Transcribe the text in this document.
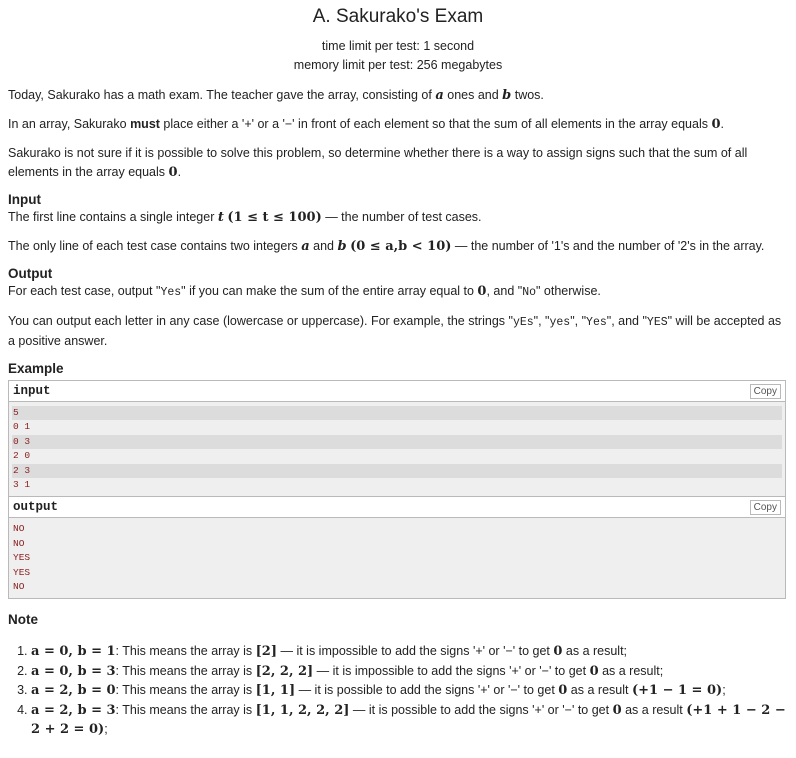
A. Sakurako's Exam
time limit per test: 1 second
memory limit per test: 256 megabytes

Today, Sakurako has a math exam. The teacher gave the array, consisting of a ones and b twos.

In an array, Sakurako must place either a '+' or a '−' in front of each element so that the sum of all elements in the array equals 0.

Sakurako is not sure if it is possible to solve this problem, so determine whether there is a way to assign signs such that the sum of all elements in the array equals 0.

Input

The first line contains a single integer t (1 ≤ t ≤ 100) — the number of test cases.

The only line of each test case contains two integers a and b (0 ≤ a,b < 10) — the number of '1's and the number of '2's in the array.

Output

For each test case, output "Yes" if you can make the sum of the entire array equal to 0, and "No" otherwise.

You can output each letter in any case (lowercase or uppercase). For example, the strings "yEs", "yes", "Yes", and "YES" will be accepted as a positive answer.

Example
input	Copy
5
0 1
0 3
2 0
2 3
3 1
output	Copy
NO
NO
YES
YES
NO
Note
1. a = 0, b = 1: This means the array is [2] — it is impossible to add the signs '+' or '−' to get 0 as a result;
2. a = 0, b = 3: This means the array is [2, 2, 2] — it is impossible to add the signs '+' or '−' to get 0 as a result;
3. a = 2, b = 0: This means the array is [1, 1] — it is possible to add the signs '+' or '−' to get 0 as a result (+1 − 1 = 0);
4. a = 2, b = 3: This means the array is [1, 1, 2, 2, 2] — it is possible to add the signs '+' or '−' to get 0 as a result (+1 + 1 − 2 − 2 + 2 = 0);
